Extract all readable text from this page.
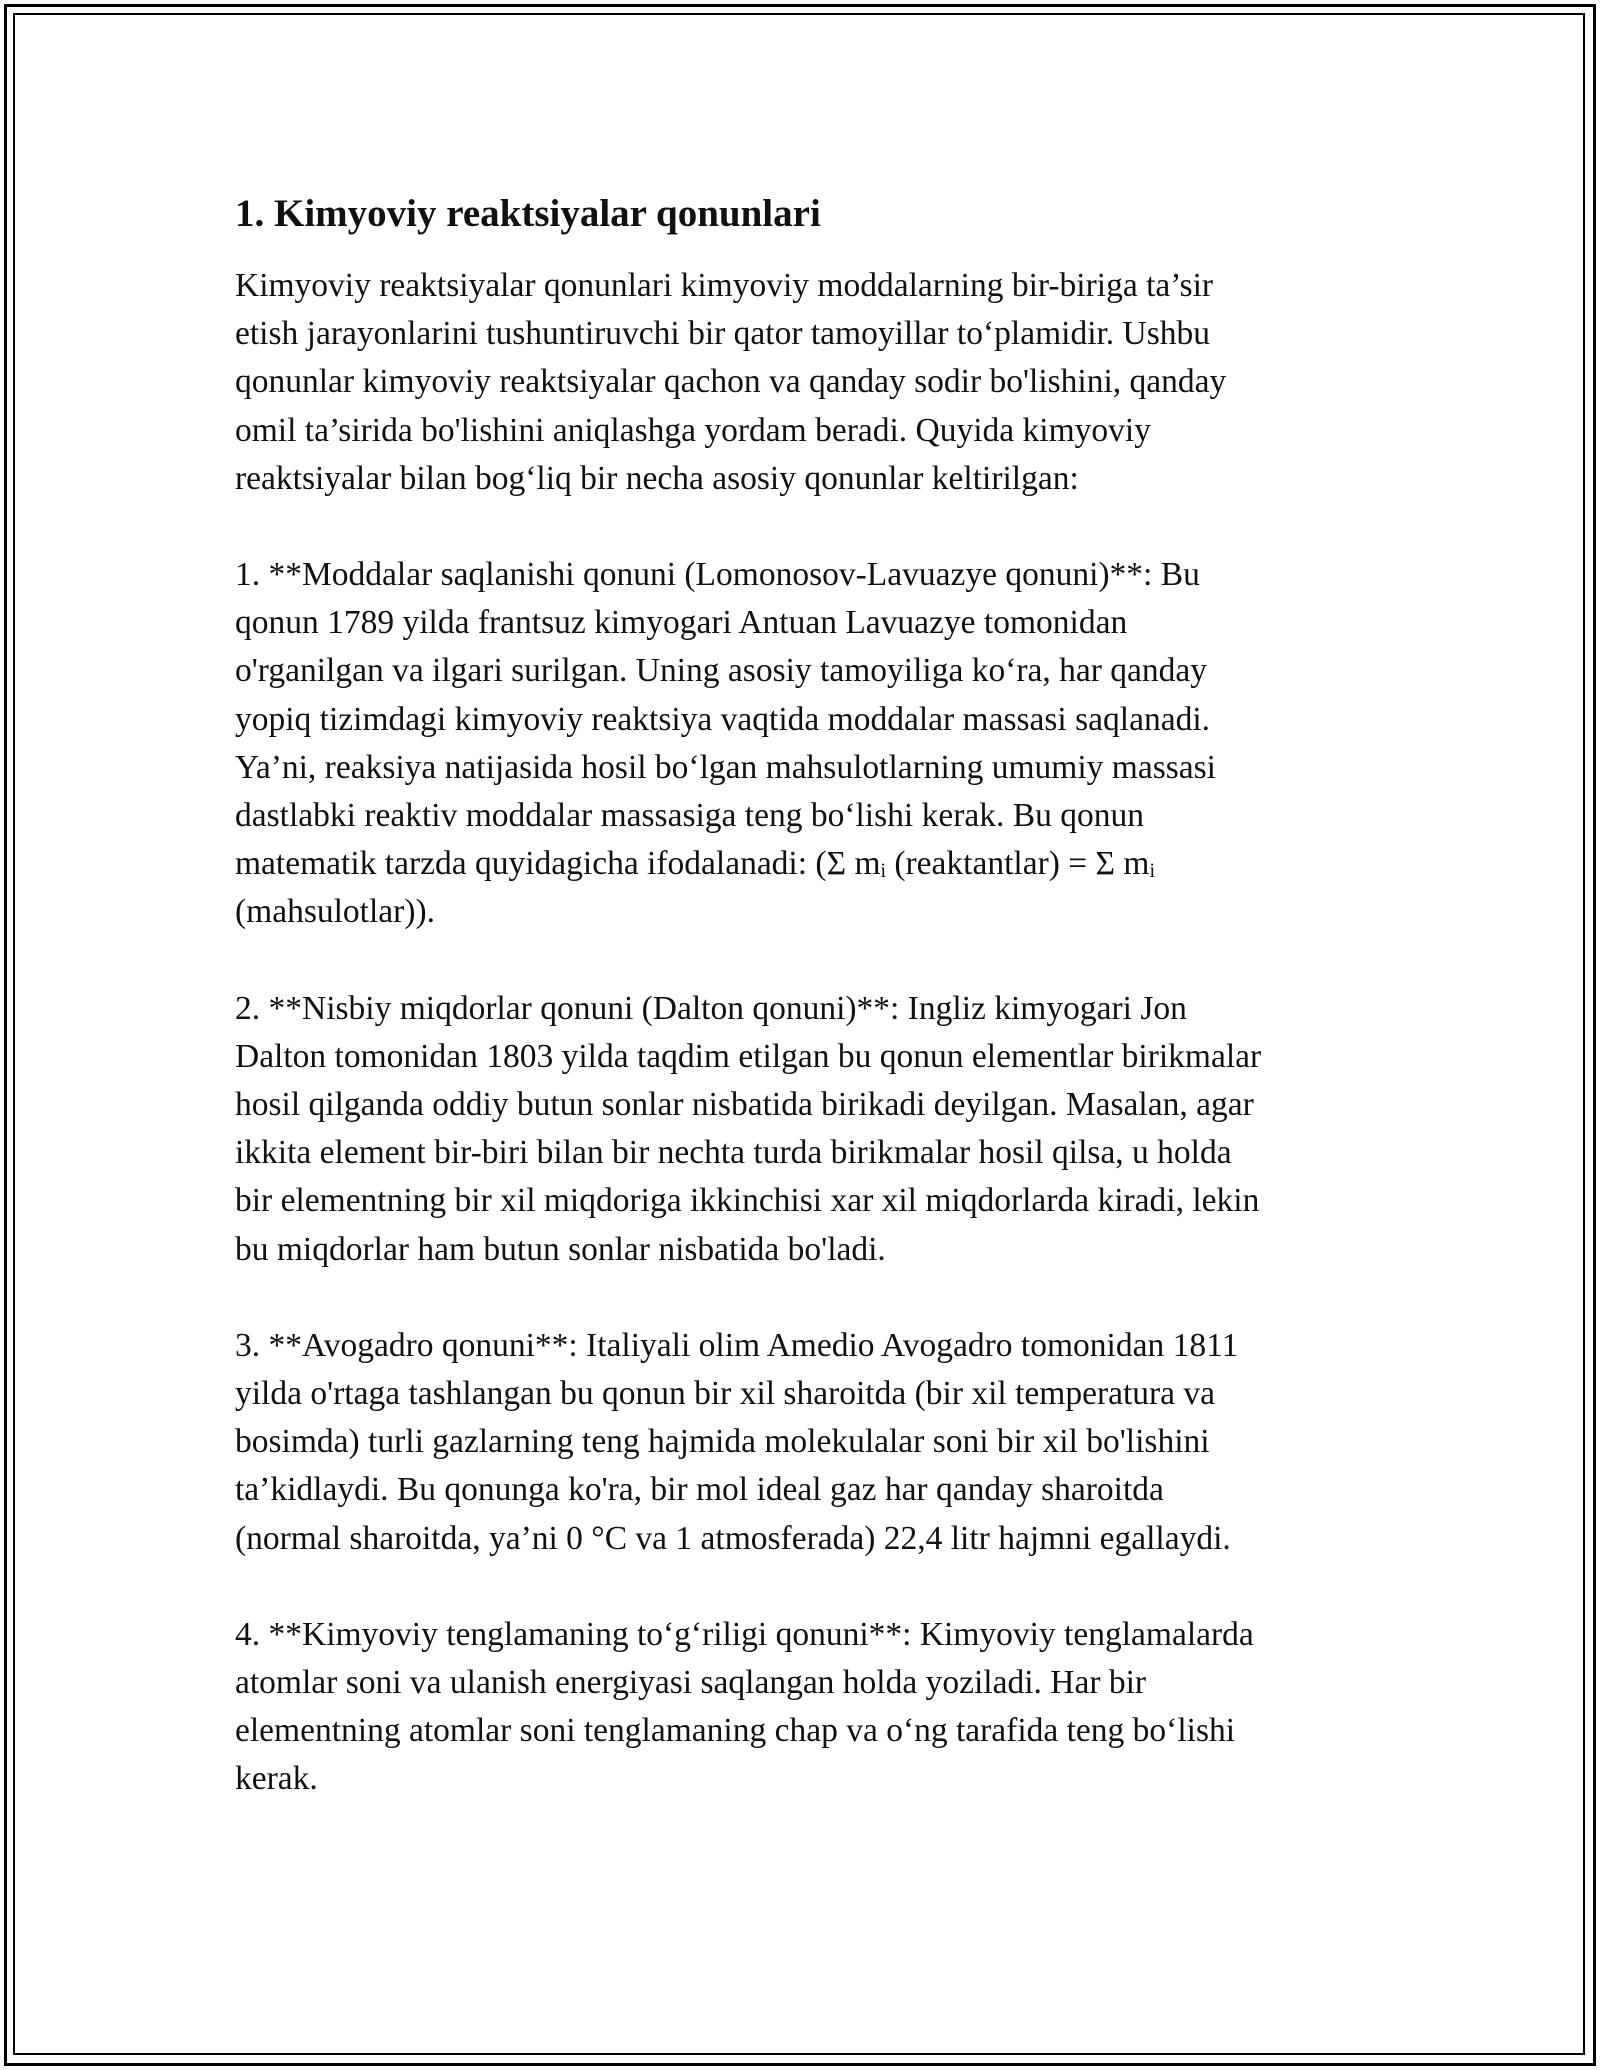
1. Kimyoviy reaktsiyalar qonunlari

Kimyoviy reaktsiyalar qonunlari kimyoviy moddalarning bir-biriga ta’sir
etish jarayonlarini tushuntiruvchi bir qator tamoyillar to‘plamidir. Ushbu
qonunlar kimyoviy reaktsiyalar qachon va qanday sodir bo'lishini, qanday
omil ta’sirida bo'lishini aniqlashga yordam beradi. Quyida kimyoviy
reaktsiyalar bilan bog‘liq bir necha asosiy qonunlar keltirilgan:

1. **Moddalar saqlanishi qonuni (Lomonosov-Lavuazye qonuni)**: Bu
qonun 1789 yilda frantsuz kimyogari Antuan Lavuazye tomonidan
o'rganilgan va ilgari surilgan. Uning asosiy tamoyiliga ko‘ra, har qanday
yopiq tizimdagi kimyoviy reaktsiya vaqtida moddalar massasi saqlanadi.
Ya’ni, reaksiya natijasida hosil bo‘lgan mahsulotlarning umumiy massasi
dastlabki reaktiv moddalar massasiga teng bo‘lishi kerak. Bu qonun
matematik tarzda quyidagicha ifodalanadi: (Σ mᵢ (reaktantlar) = Σ mᵢ
(mahsulotlar)).

2. **Nisbiy miqdorlar qonuni (Dalton qonuni)**: Ingliz kimyogari Jon
Dalton tomonidan 1803 yilda taqdim etilgan bu qonun elementlar birikmalar
hosil qilganda oddiy butun sonlar nisbatida birikadi deyilgan. Masalan, agar
ikkita element bir-biri bilan bir nechta turda birikmalar hosil qilsa, u holda
bir elementning bir xil miqdoriga ikkinchisi xar xil miqdorlarda kiradi, lekin
bu miqdorlar ham butun sonlar nisbatida bo'ladi.

3. **Avogadro qonuni**: Italiyali olim Amedio Avogadro tomonidan 1811
yilda o'rtaga tashlangan bu qonun bir xil sharoitda (bir xil temperatura va
bosimda) turli gazlarning teng hajmida molekulalar soni bir xil bo'lishini
ta’kidlaydi. Bu qonunga ko'ra, bir mol ideal gaz har qanday sharoitda
(normal sharoitda, ya’ni 0 °C va 1 atmosferada) 22,4 litr hajmni egallaydi.

4. **Kimyoviy tenglamaning to‘g‘riligi qonuni**: Kimyoviy tenglamalarda
atomlar soni va ulanish energiyasi saqlangan holda yoziladi. Har bir
elementning atomlar soni tenglamaning chap va o‘ng tarafida teng bo‘lishi
kerak.
